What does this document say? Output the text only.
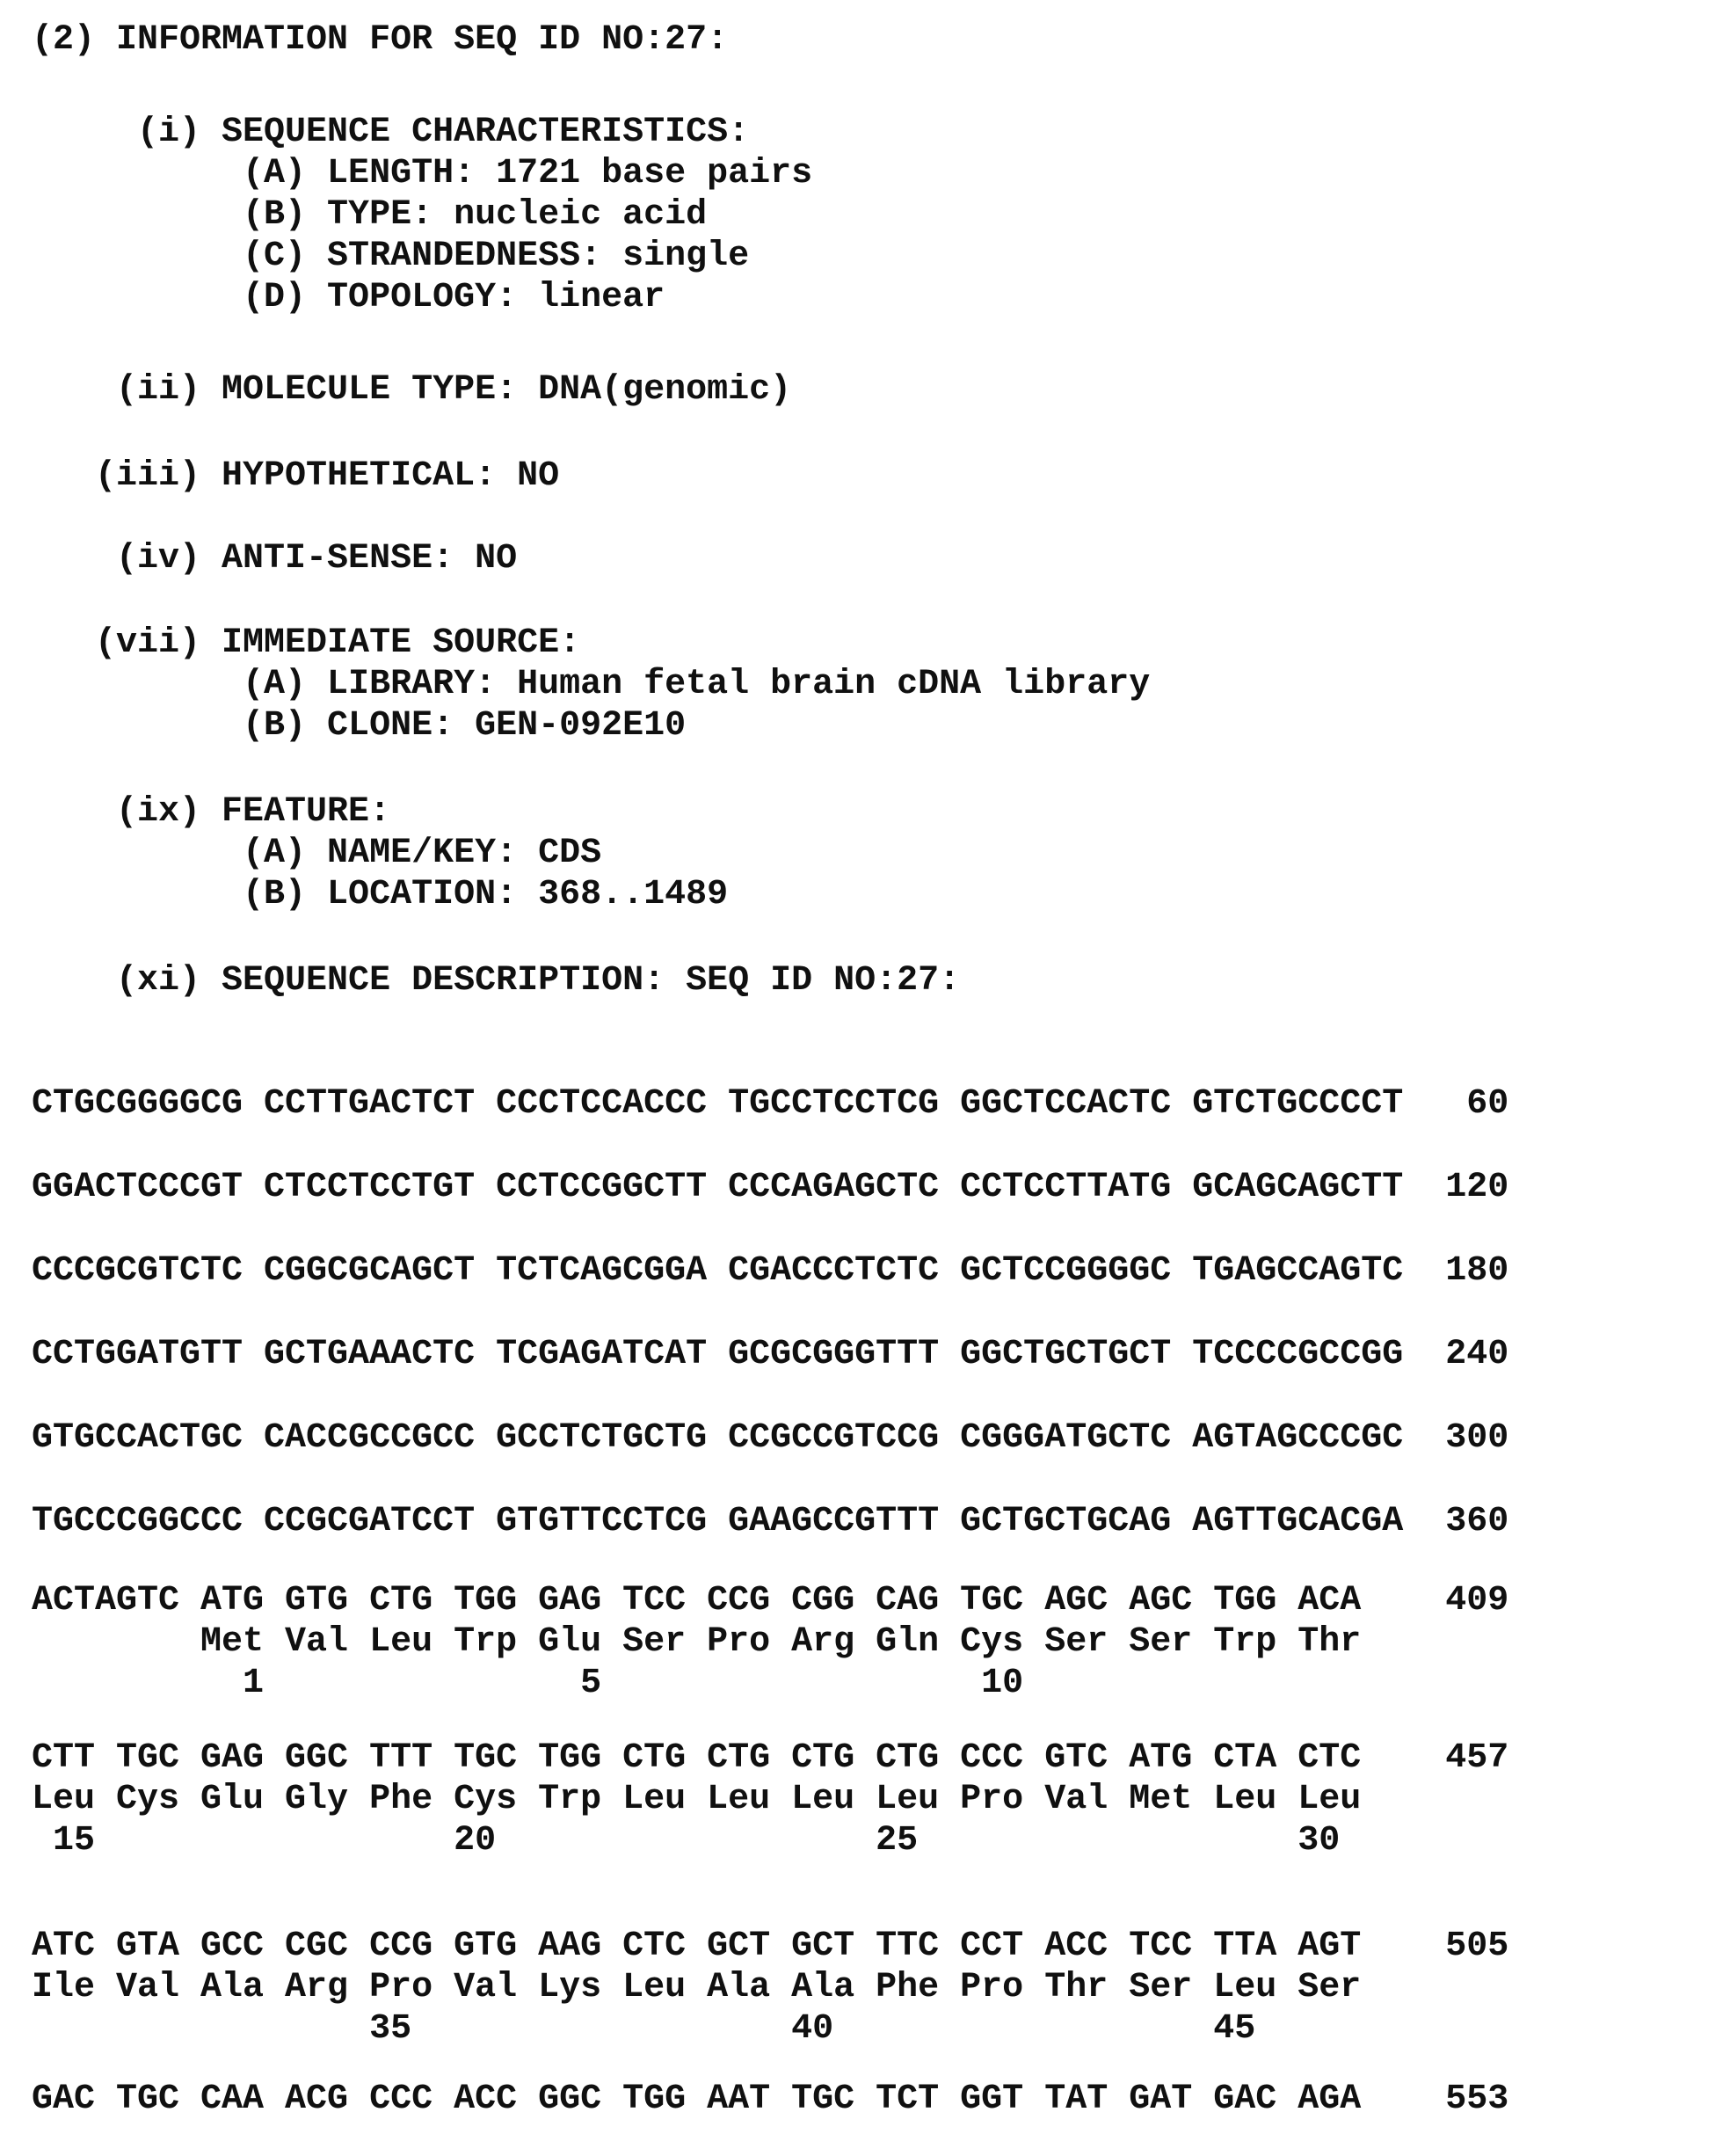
(2) INFORMATION FOR SEQ ID NO:27:
(i) SEQUENCE CHARACTERISTICS:
(A) LENGTH: 1721 base pairs
(B) TYPE: nucleic acid
(C) STRANDEDNESS: single
(D) TOPOLOGY: linear
(ii) MOLECULE TYPE: DNA(genomic)
(iii) HYPOTHETICAL: NO
(iv) ANTI-SENSE: NO
(vii) IMMEDIATE SOURCE:
(A) LIBRARY: Human fetal brain cDNA library
(B) CLONE: GEN-092E10
(ix) FEATURE:
(A) NAME/KEY: CDS
(B) LOCATION: 368..1489
(xi) SEQUENCE DESCRIPTION: SEQ ID NO:27:
CTGCGGGGCG CCTTGACTCT CCCTCCACCC TGCCTCCTCG GGCTCCACTC GTCTGCCCCT   60
GGACTCCCGT CTCCTCCTGT CCTCCGGCTT CCCAGAGCTC CCTCCTTATG GCAGCAGCTT  120
CCCGCGTCTC CGGCGCAGCT TCTCAGCGGA CGACCCTCTC GCTCCGGGGC TGAGCCAGTC  180
CCTGGATGTT GCTGAAACTC TCGAGATCAT GCGCGGGTTT GGCTGCTGCT TCCCCGCCGG  240
GTGCCACTGC CACCGCCGCC GCCTCTGCTG CCGCCGTCCG CGGGATGCTC AGTAGCCCGC  300
TGCCCGGCCC CCGCGATCCT GTGTTCCTCG GAAGCCGTTT GCTGCTGCAG AGTTGCACGA  360
ACTAGTC ATG GTG CTG TGG GAG TCC CCG CGG CAG TGC AGC AGC TGG ACA    409
Met Val Leu Trp Glu Ser Pro Arg Gln Cys Ser Ser Trp Thr
1               5                  10
CTT TGC GAG GGC TTT TGC TGG CTG CTG CTG CTG CCC GTC ATG CTA CTC    457
Leu Cys Glu Gly Phe Cys Trp Leu Leu Leu Leu Pro Val Met Leu Leu
15                 20                  25                  30
ATC GTA GCC CGC CCG GTG AAG CTC GCT GCT TTC CCT ACC TCC TTA AGT    505
Ile Val Ala Arg Pro Val Lys Leu Ala Ala Phe Pro Thr Ser Leu Ser
35                  40                  45
GAC TGC CAA ACG CCC ACC GGC TGG AAT TGC TCT GGT TAT GAT GAC AGA    553
